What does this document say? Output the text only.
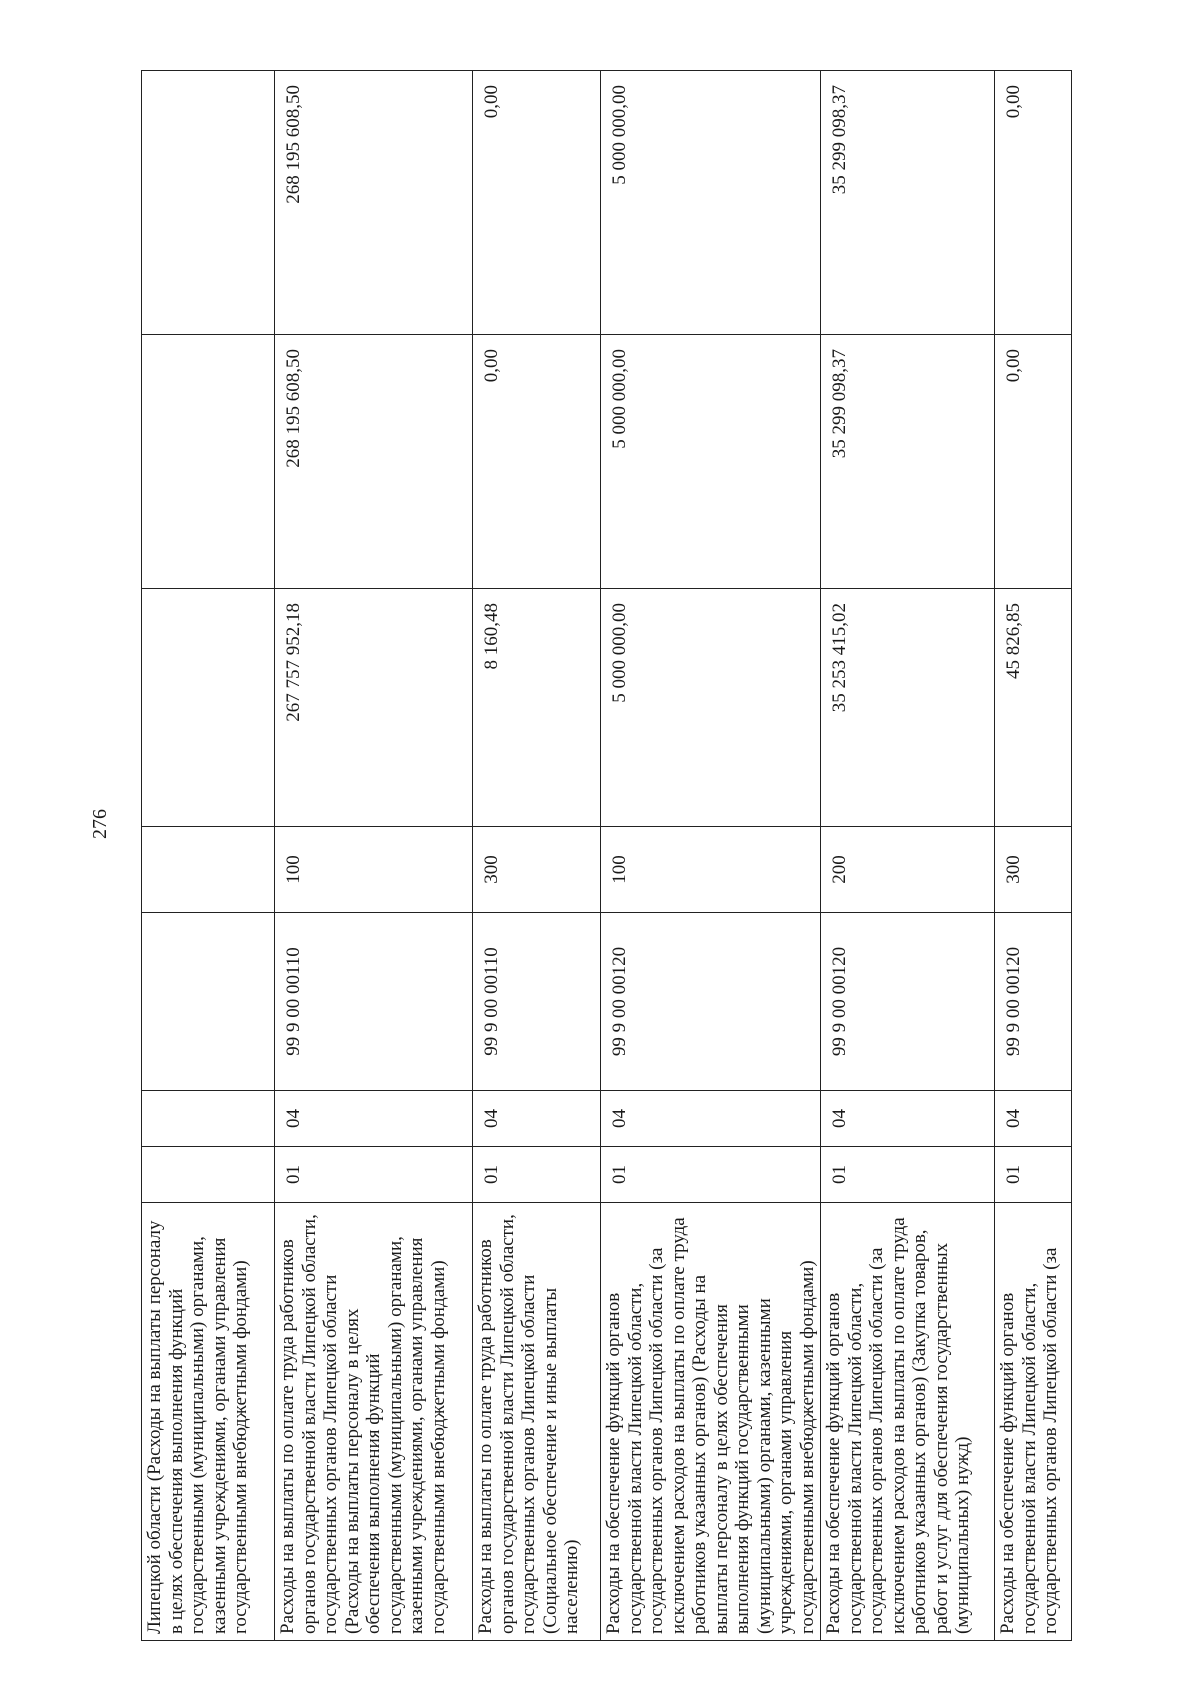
276
Липецкой области (Расходы на выплаты персоналу в целях обеспечения выполнения функций государственными (муниципальными) органами, казенными учреждениями, органами управления государственными внебюджетными фондами)							
Расходы на выплаты по оплате труда работников органов государственной власти Липецкой области, государственных органов Липецкой области (Расходы на выплаты персоналу в целях обеспечения выполнения функций государственными (муниципальными) органами, казенными учреждениями, органами управления государственными внебюджетными фондами)	01	04	99 9 00 00110	100	267 757 952,18	268 195 608,50	268 195 608,50
Расходы на выплаты по оплате труда работников органов государственной власти Липецкой области, государственных органов Липецкой области (Социальное обеспечение и иные выплаты населению)	01	04	99 9 00 00110	300	8 160,48	0,00	0,00
Расходы на обеспечение функций органов государственной власти Липецкой области, государственных органов Липецкой области (за исключением расходов на выплаты по оплате труда работников указанных органов) (Расходы на выплаты персоналу в целях обеспечения выполнения функций государственными (муниципальными) органами, казенными учреждениями, органами управления государственными внебюджетными фондами)	01	04	99 9 00 00120	100	5 000 000,00	5 000 000,00	5 000 000,00
Расходы на обеспечение функций органов государственной власти Липецкой области, государственных органов Липецкой области (за исключением расходов на выплаты по оплате труда работников указанных органов) (Закупка товаров, работ и услуг для обеспечения государственных (муниципальных) нужд)	01	04	99 9 00 00120	200	35 253 415,02	35 299 098,37	35 299 098,37
Расходы на обеспечение функций органов государственной власти Липецкой области, государственных органов Липецкой области (за	01	04	99 9 00 00120	300	45 826,85	0,00	0,00
